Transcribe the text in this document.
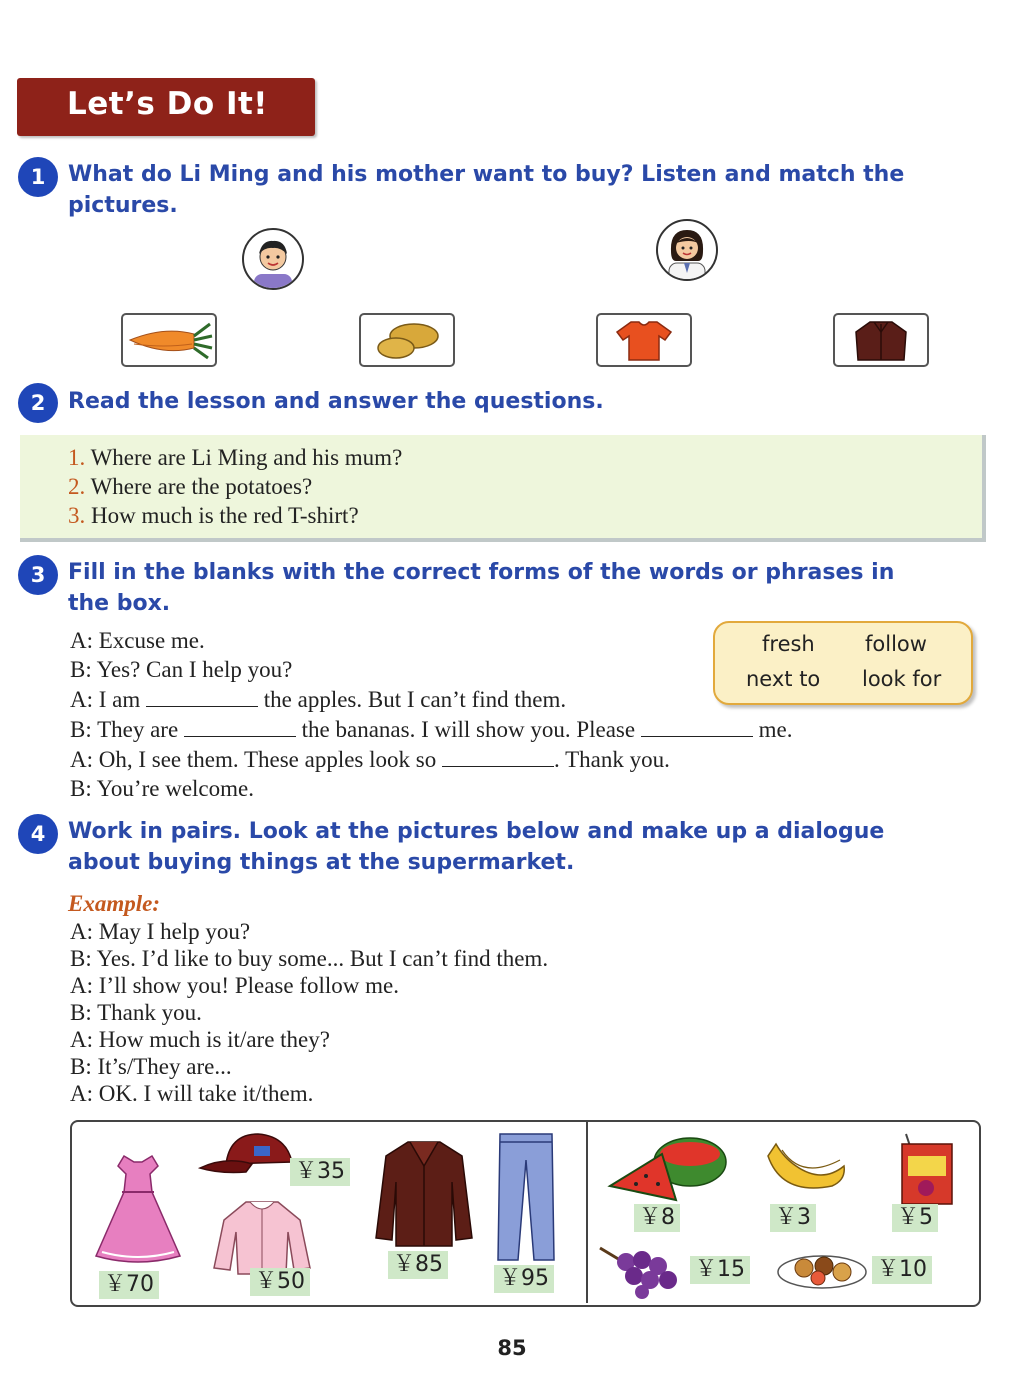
Let’s Do It!
1	What do Li Ming and his mother want to buy? Listen and match the
pictures.
2	Read the lesson and answer the questions.
1. Where are Li Ming and his mum?
2. Where are the potatoes?
3. How much is the red T-shirt?
3	Fill in the blanks with the correct forms of the words or phrases in
the box.
A: Excuse me.
B: Yes? Can I help you?
A: I am	the apples. But I can’t find them.
B: They are	the bananas. I will show you. Please	me.
A: Oh, I see them. These apples look so	. Thank you.
B: You’re welcome.
fresh follow
next to look for
4	Work in pairs. Look at the pictures below and make up a dialogue
about buying things at the supermarket.
Example:
A: May I help you?
B: Yes. I’d like to buy some... But I can’t find them.
A: I’ll show you! Please follow me.
B: Thank you.
A: How much is it/are they?
B: It’s/They are...
A: OK. I will take it/them.
￥70
￥35
￥50
￥85
￥95
￥8	￥3	￥5
￥15	￥10
85
